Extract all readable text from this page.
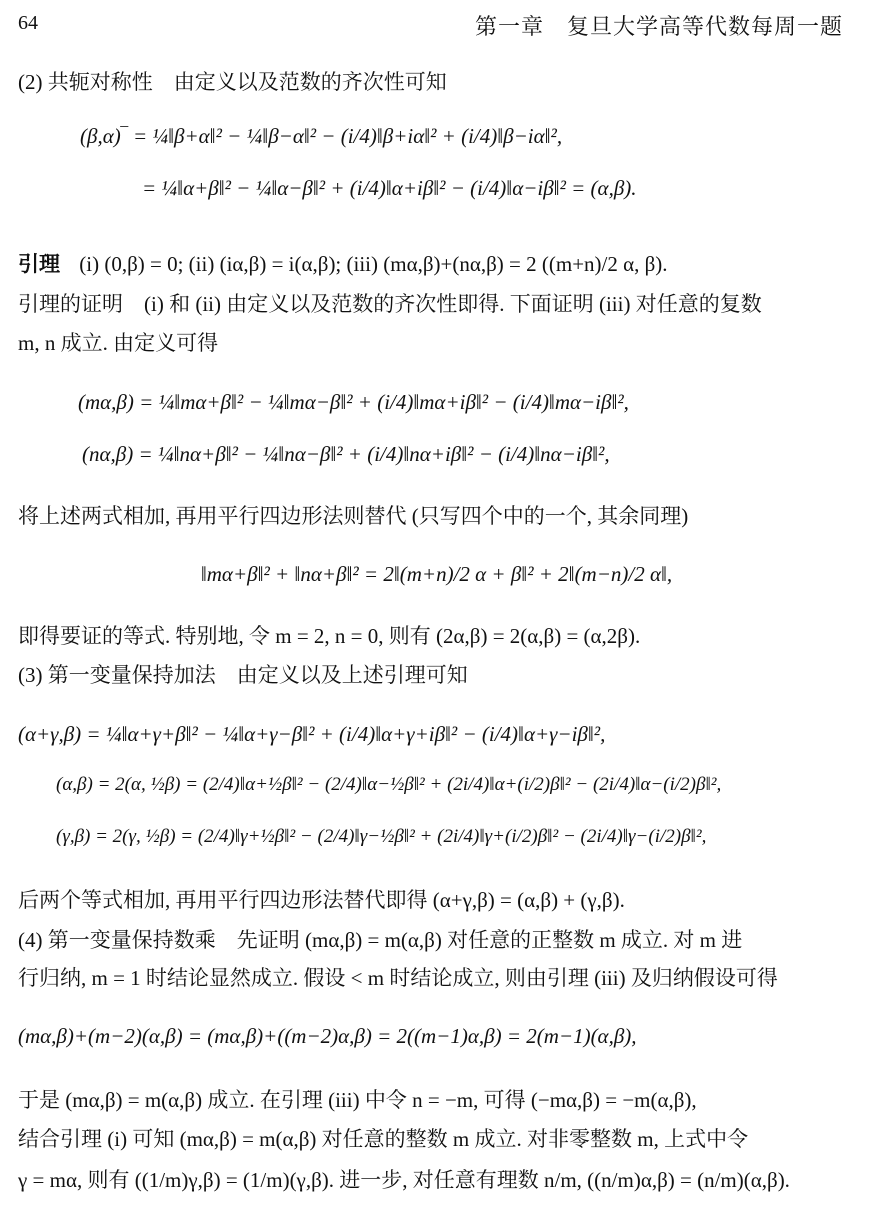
64	第一章　复旦大学高等代数每周一题
(2) 共轭对称性　由定义以及范数的齐次性可知
(β,α)‾ = ¼‖β+α‖² − ¼‖β−α‖² − (i/4)‖β+iα‖² + (i/4)‖β−iα‖²,
= ¼‖α+β‖² − ¼‖α−β‖² + (i/4)‖α+iβ‖² − (i/4)‖α−iβ‖² = (α,β).
引理 (i) (0,β) = 0; (ii) (iα,β) = i(α,β); (iii) (mα,β)+(nα,β) = 2 ((m+n)/2 α, β).
引理的证明　(i) 和 (ii) 由定义以及范数的齐次性即得. 下面证明 (iii) 对任意的复数
m, n 成立. 由定义可得
(mα,β) = ¼‖mα+β‖² − ¼‖mα−β‖² + (i/4)‖mα+iβ‖² − (i/4)‖mα−iβ‖²,
(nα,β) = ¼‖nα+β‖² − ¼‖nα−β‖² + (i/4)‖nα+iβ‖² − (i/4)‖nα−iβ‖²,
将上述两式相加, 再用平行四边形法则替代 (只写四个中的一个, 其余同理)
‖mα+β‖² + ‖nα+β‖² = 2‖(m+n)/2 α + β‖² + 2‖(m−n)/2 α‖,
即得要证的等式. 特别地, 令 m = 2, n = 0, 则有 (2α,β) = 2(α,β) = (α,2β).
(3) 第一变量保持加法　由定义以及上述引理可知
(α+γ,β) = ¼‖α+γ+β‖² − ¼‖α+γ−β‖² + (i/4)‖α+γ+iβ‖² − (i/4)‖α+γ−iβ‖²,
(α,β) = 2(α, ½β) = (2/4)‖α+½β‖² − (2/4)‖α−½β‖² + (2i/4)‖α+(i/2)β‖² − (2i/4)‖α−(i/2)β‖²,
(γ,β) = 2(γ, ½β) = (2/4)‖γ+½β‖² − (2/4)‖γ−½β‖² + (2i/4)‖γ+(i/2)β‖² − (2i/4)‖γ−(i/2)β‖²,
后两个等式相加, 再用平行四边形法替代即得 (α+γ,β) = (α,β) + (γ,β).
(4) 第一变量保持数乘　先证明 (mα,β) = m(α,β) 对任意的正整数 m 成立. 对 m 进
行归纳, m = 1 时结论显然成立. 假设 < m 时结论成立, 则由引理 (iii) 及归纳假设可得
(mα,β)+(m−2)(α,β) = (mα,β)+((m−2)α,β) = 2((m−1)α,β) = 2(m−1)(α,β),
于是 (mα,β) = m(α,β) 成立. 在引理 (iii) 中令 n = −m, 可得 (−mα,β) = −m(α,β),
结合引理 (i) 可知 (mα,β) = m(α,β) 对任意的整数 m 成立. 对非零整数 m, 上式中令
γ = mα, 则有 ((1/m)γ,β) = (1/m)(γ,β). 进一步, 对任意有理数 n/m, ((n/m)α,β) = (n/m)(α,β).
